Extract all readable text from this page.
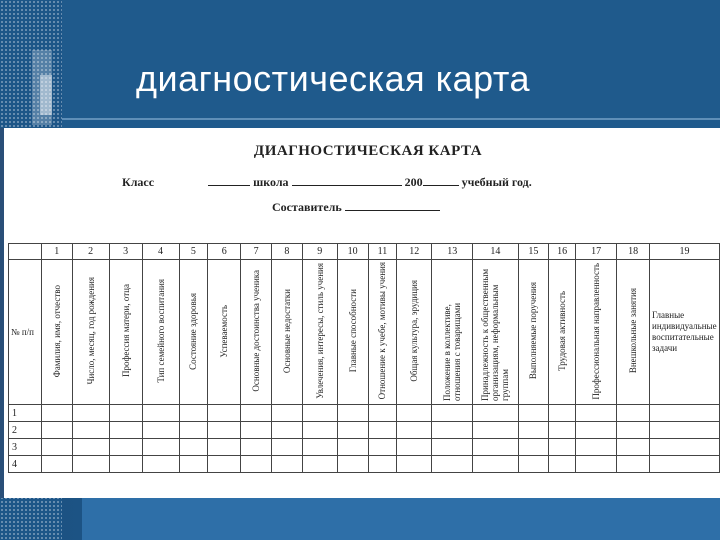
диагностическая карта
ДИАГНОСТИЧЕСКАЯ КАРТА
Класс	школа	200	учебный год.
Составитель
	1	2	3	4	5	6	7	8	9	10	11	12	13	14	15	16	17	18	19

№ п/п	Фамилия, имя, отчество	Число, месяц, год рождения	Профессия матери, отца	Тип семейного воспитания	Состояние здоровья	Успеваемость	Основные достоинства ученика	Основные недостатки	Увлечения, интересы, стиль учения	Главные способности	Отношение к учебе, мотивы учения	Общая культура, эрудиция	Положение в коллективе, отношения с товарищами	Принадлежность к общественным организациям, неформальным группам	Выполняемые поручения	Трудовая активность	Профессиональная направленность	Внешкольные занятия	Главные индивидуальные воспитательные задачи

1																			
2																			
3																			
4																			
